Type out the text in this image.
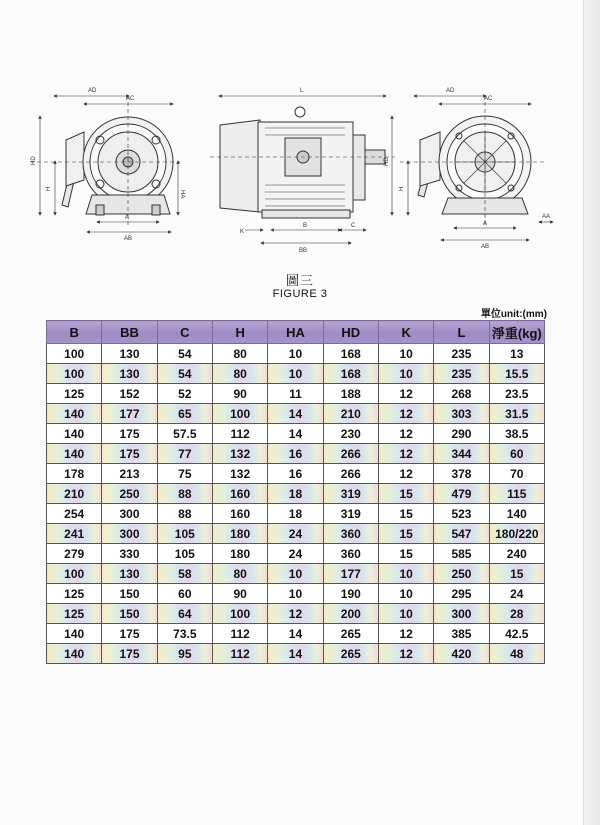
AD
AC
HD
H
HA
A
AB
L
K
B	C
BB
AD
AC
HD
H
A
AB
AA
圖三
FIGURE 3
單位unit:(mm)
B	BB	C	H	HA	HD	K	L	淨重(kg)
100	130	54	80	10	168	10	235	13
100	130	54	80	10	168	10	235	15.5
125	152	52	90	11	188	12	268	23.5
140	177	65	100	14	210	12	303	31.5
140	175	57.5	112	14	230	12	290	38.5
140	175	77	132	16	266	12	344	60
178	213	75	132	16	266	12	378	70
210	250	88	160	18	319	15	479	115
254	300	88	160	18	319	15	523	140
241	300	105	180	24	360	15	547	180/220
279	330	105	180	24	360	15	585	240
100	130	58	80	10	177	10	250	15
125	150	60	90	10	190	10	295	24
125	150	64	100	12	200	10	300	28
140	175	73.5	112	14	265	12	385	42.5
140	175	95	112	14	265	12	420	48
